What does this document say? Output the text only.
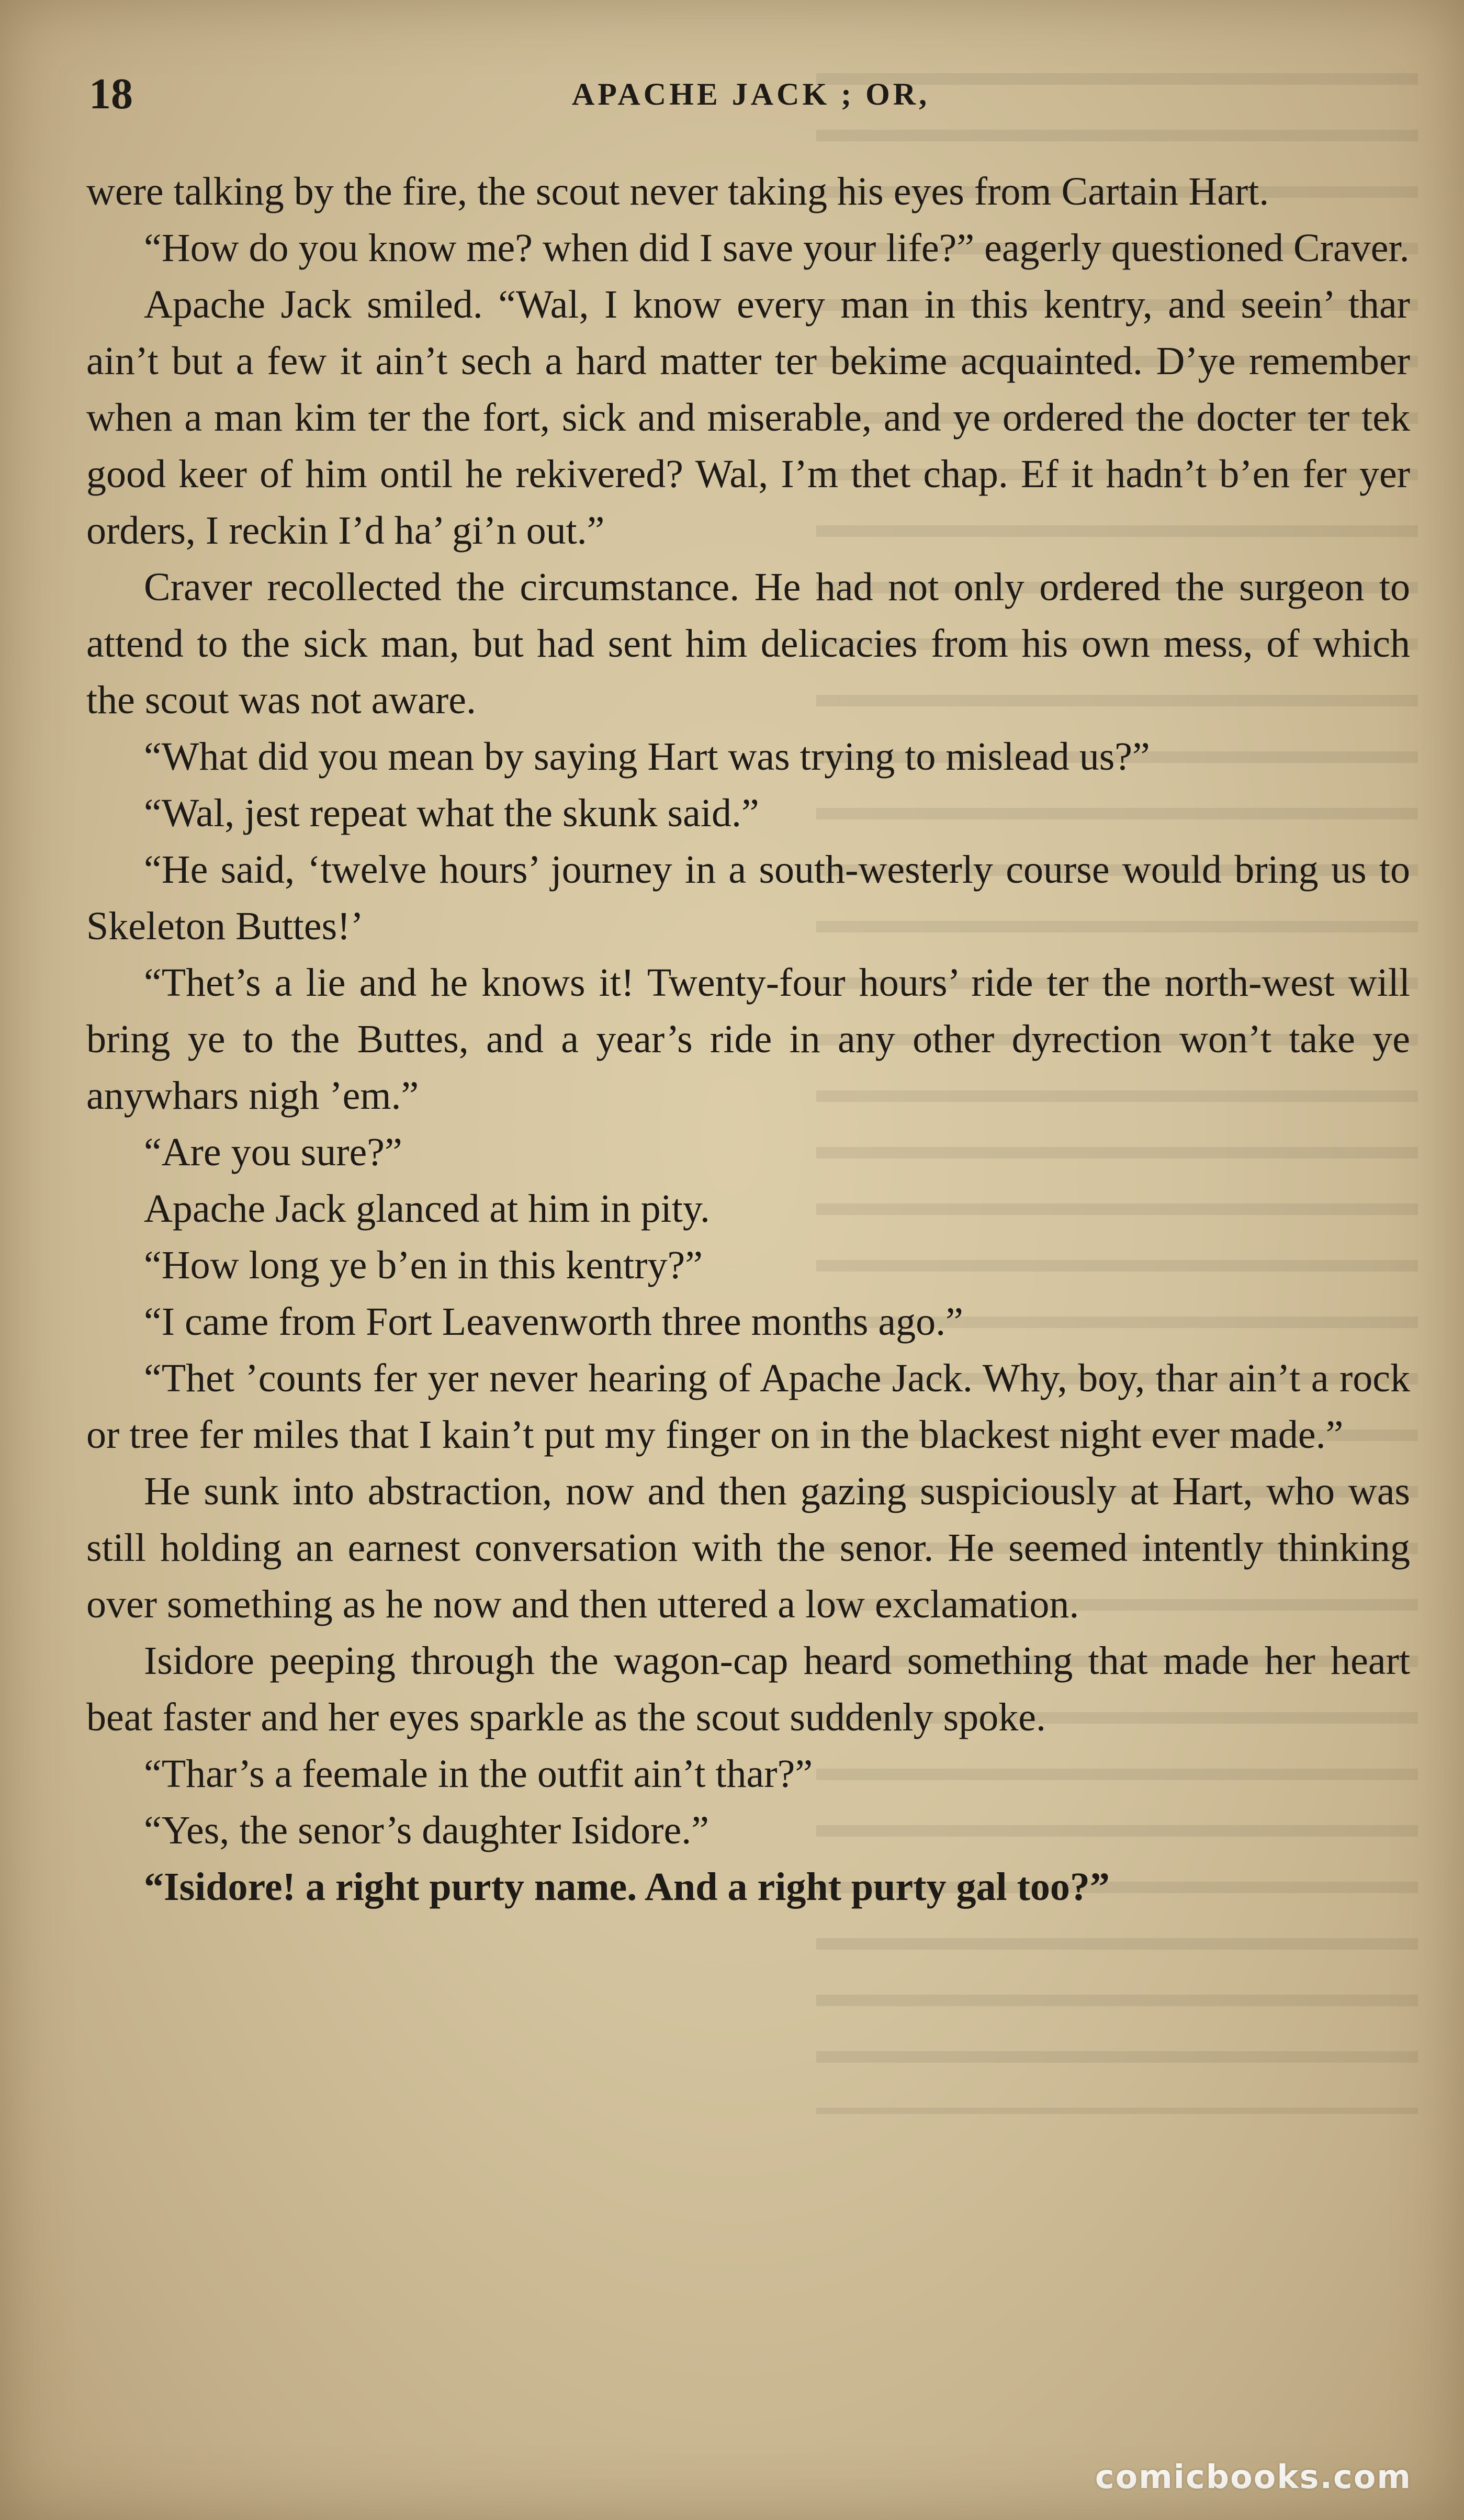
18	APACHE JACK ; OR,

were talking by the fire, the scout never taking his eyes from Cartain Hart.

“How do you know me? when did I save your life?” eagerly questioned Craver.

Apache Jack smiled. “Wal, I know every man in this kentry, and seein’ thar ain’t but a few it ain’t sech a hard matter ter bekime acquainted. D’ye remember when a man kim ter the fort, sick and miserable, and ye ordered the docter ter tek good keer of him ontil he rekivered? Wal, I’m thet chap. Ef it hadn’t b’en fer yer orders, I reckin I’d ha’ gi’n out.”

Craver recollected the circumstance. He had not only ordered the surgeon to attend to the sick man, but had sent him delicacies from his own mess, of which the scout was not aware.

“What did you mean by saying Hart was trying to mislead us?”

“Wal, jest repeat what the skunk said.”

“He said, ‘twelve hours’ journey in a south-westerly course would bring us to Skeleton Buttes!’

“Thet’s a lie and he knows it! Twenty-four hours’ ride ter the north-west will bring ye to the Buttes, and a year’s ride in any other dyrection won’t take ye anywhars nigh ’em.”

“Are you sure?”

Apache Jack glanced at him in pity.

“How long ye b’en in this kentry?”

“I came from Fort Leavenworth three months ago.”

“Thet ’counts fer yer never hearing of Apache Jack. Why, boy, thar ain’t a rock or tree fer miles that I kain’t put my finger on in the blackest night ever made.”

He sunk into abstraction, now and then gazing suspiciously at Hart, who was still holding an earnest conversation with the senor. He seemed intently thinking over something as he now and then uttered a low exclamation.

Isidore peeping through the wagon-cap heard something that made her heart beat faster and her eyes sparkle as the scout suddenly spoke.

“Thar’s a feemale in the outfit ain’t thar?”

“Yes, the senor’s daughter Isidore.”

“Isidore! a right purty name. And a right purty gal too?”

comicbooks.com
